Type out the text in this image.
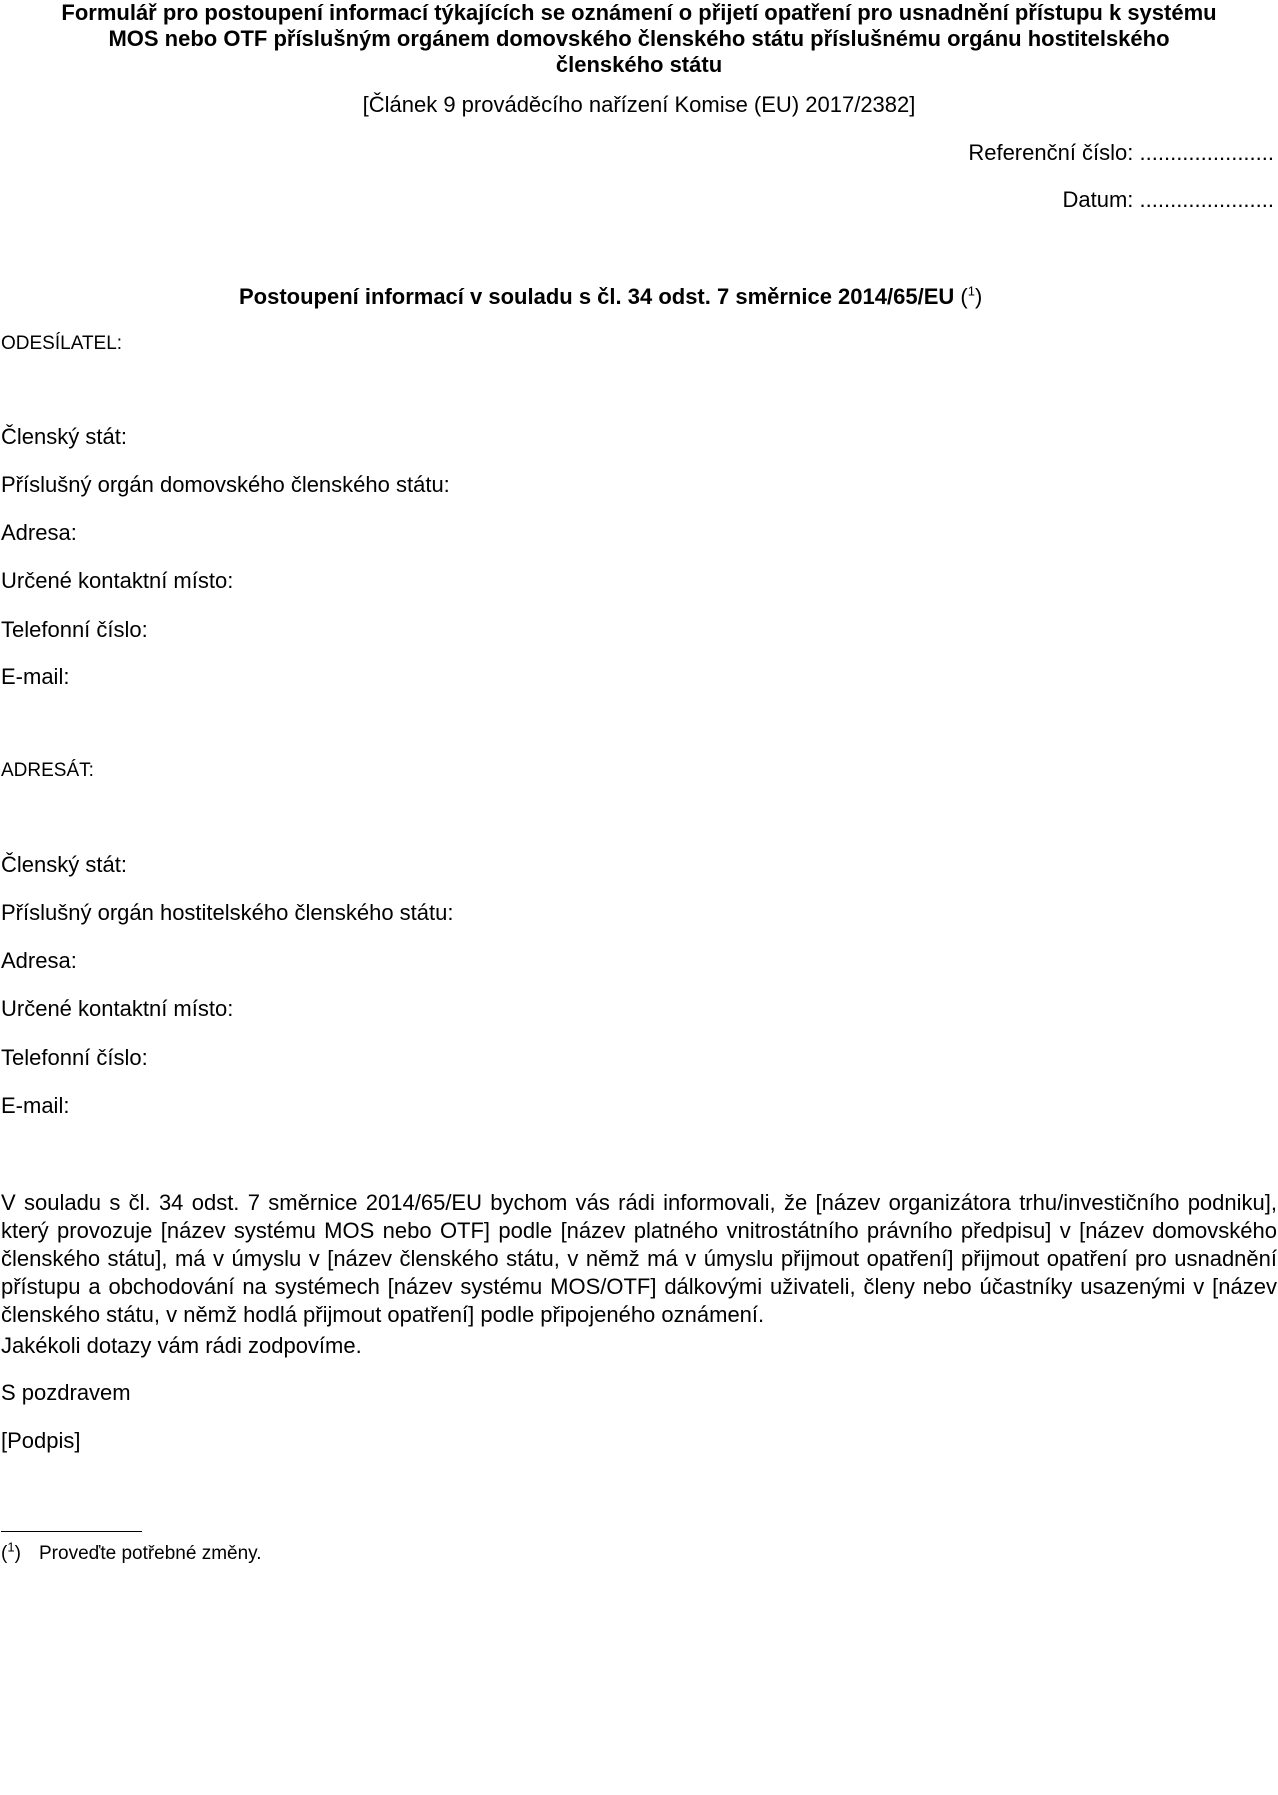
Formulář pro postoupení informací týkajících se oznámení o přijetí opatření pro usnadnění přístupu k systému
MOS nebo OTF příslušným orgánem domovského členského státu příslušnému orgánu hostitelského
členského státu

[Článek 9 prováděcího nařízení Komise (EU) 2017/2382]

Referenční číslo: ......................

Datum: ......................

Postoupení informací v souladu s čl. 34 odst. 7 směrnice 2014/65/EU ($^1$)

ODESÍLATEL:

Členský stát:

Příslušný orgán domovského členského státu:

Adresa:

Určené kontaktní místo:

Telefonní číslo:

E-mail:

ADRESÁT:

Členský stát:

Příslušný orgán hostitelského členského státu:

Adresa:

Určené kontaktní místo:

Telefonní číslo:

E-mail:

V souladu s čl. 34 odst. 7 směrnice 2014/65/EU bychom vás rádi informovali, že [název organizátora trhu/investičního podniku], který provozuje [název systému MOS nebo OTF] podle [název platného vnitrostátního právního předpisu] v [název domovského členského státu], má v úmyslu v [název členského státu, v němž má v úmyslu přijmout opatření] přijmout opatření pro usnadnění přístupu a obchodování na systémech [název systému MOS/OTF] dálkovými uživateli, členy nebo účastníky usazenými v [název členského státu, v němž hodlá přijmout opatření] podle připojeného oznámení.

Jakékoli dotazy vám rádi zodpovíme.

S pozdravem

[Podpis]

($^1$) Proveďte potřebné změny.
